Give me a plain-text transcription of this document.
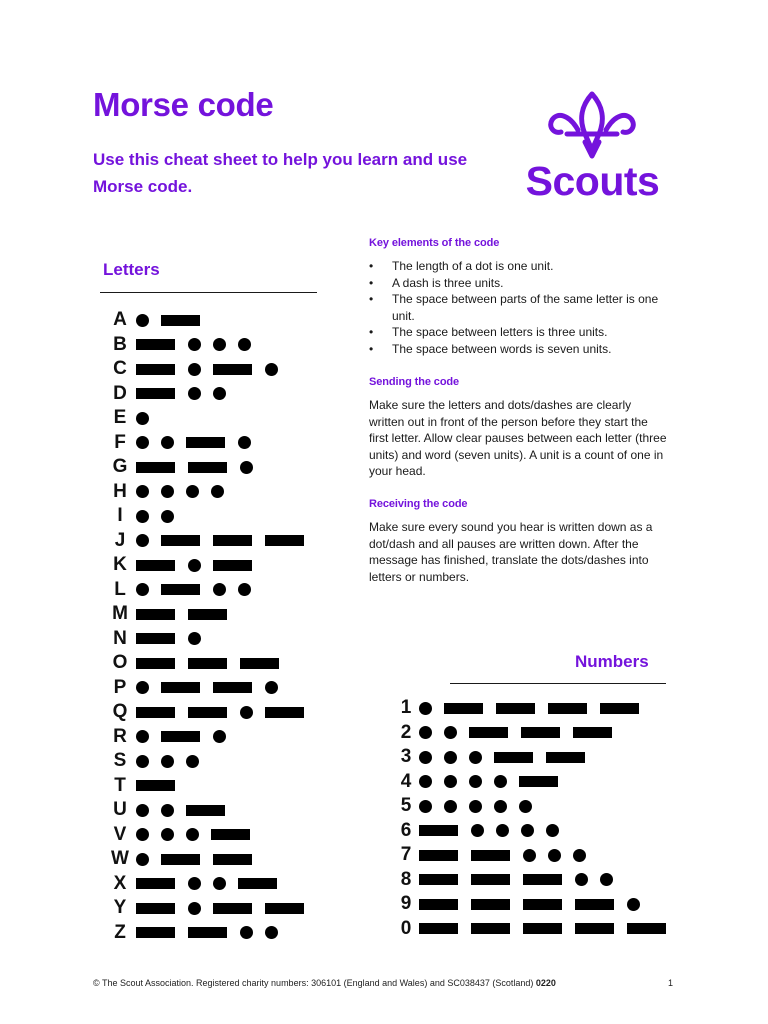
Morse code

Use this cheat sheet to help you learn and use Morse code.	Scouts
Letters
A
B
C
D
E
F
G
H
I
J
K
L
M
N
O
P
Q
R
S
T
U
V
W
X
Y
Z
Key elements of the code
• The length of a dot is one unit.
• A dash is three units.
• The space between parts of the same letter is one unit.
• The space between letters is three units.
• The space between words is seven units.
Sending the code

Make sure the letters and dots/dashes are clearly written out in front of the person before they start the first letter. Allow clear pauses between each letter (three units) and word (seven units). A unit is a count of one in your head.

Receiving the code

Make sure every sound you hear is written down as a dot/dash and all pauses are written down. After the message has finished, translate the dots/dashes into letters or numbers.

Numbers
1
2
3
4
5
6
7
8
9
0

© The Scout Association. Registered charity numbers: 306101 (England and Wales) and SC038437 (Scotland) 0220	1
